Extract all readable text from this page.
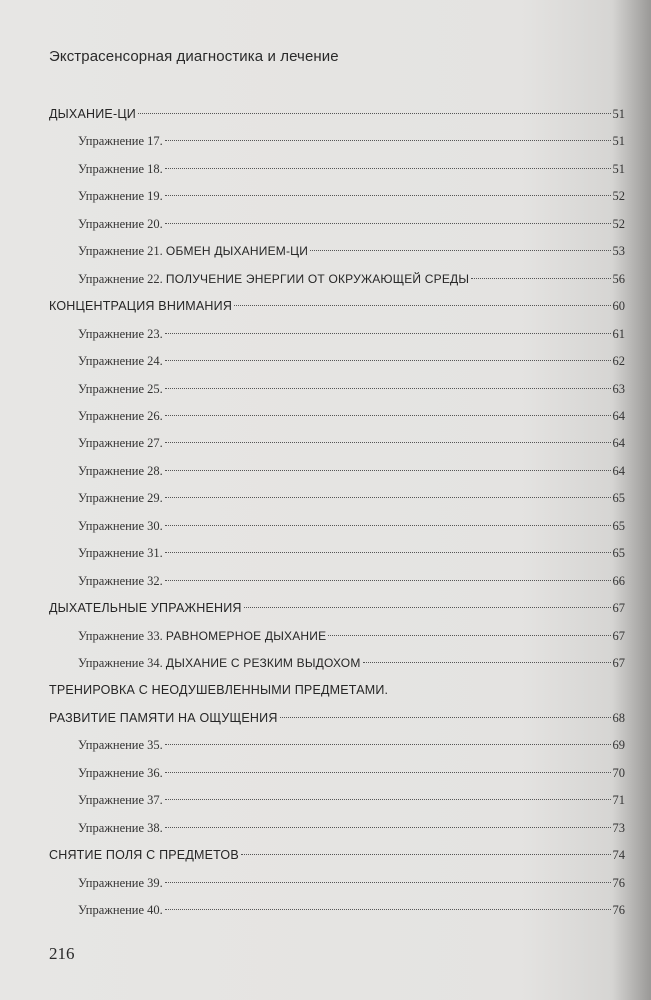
Экстрасенсорная диагностика и лечение
ДЫХАНИЕ-ЦИ	51
Упражнение 17.	51
Упражнение 18.	51
Упражнение 19.	52
Упражнение 20.	52
Упражнение 21. ОБМЕН ДЫХАНИЕМ-ЦИ	53
Упражнение 22. ПОЛУЧЕНИЕ ЭНЕРГИИ ОТ ОКРУЖАЮЩЕЙ СРЕДЫ	56
КОНЦЕНТРАЦИЯ ВНИМАНИЯ	60
Упражнение 23.	61
Упражнение 24.	62
Упражнение 25.	63
Упражнение 26.	64
Упражнение 27.	64
Упражнение 28.	64
Упражнение 29.	65
Упражнение 30.	65
Упражнение 31.	65
Упражнение 32.	66
ДЫХАТЕЛЬНЫЕ УПРАЖНЕНИЯ	67
Упражнение 33. РАВНОМЕРНОЕ ДЫХАНИЕ	67
Упражнение 34. ДЫХАНИЕ С РЕЗКИМ ВЫДОХОМ	67
ТРЕНИРОВКА С НЕОДУШЕВЛЕННЫМИ ПРЕДМЕТАМИ.
РАЗВИТИЕ ПАМЯТИ НА ОЩУЩЕНИЯ	68
Упражнение 35.	69
Упражнение 36.	70
Упражнение 37.	71
Упражнение 38.	73
СНЯТИЕ ПОЛЯ С ПРЕДМЕТОВ	74
Упражнение 39.	76
Упражнение 40.	76
216
